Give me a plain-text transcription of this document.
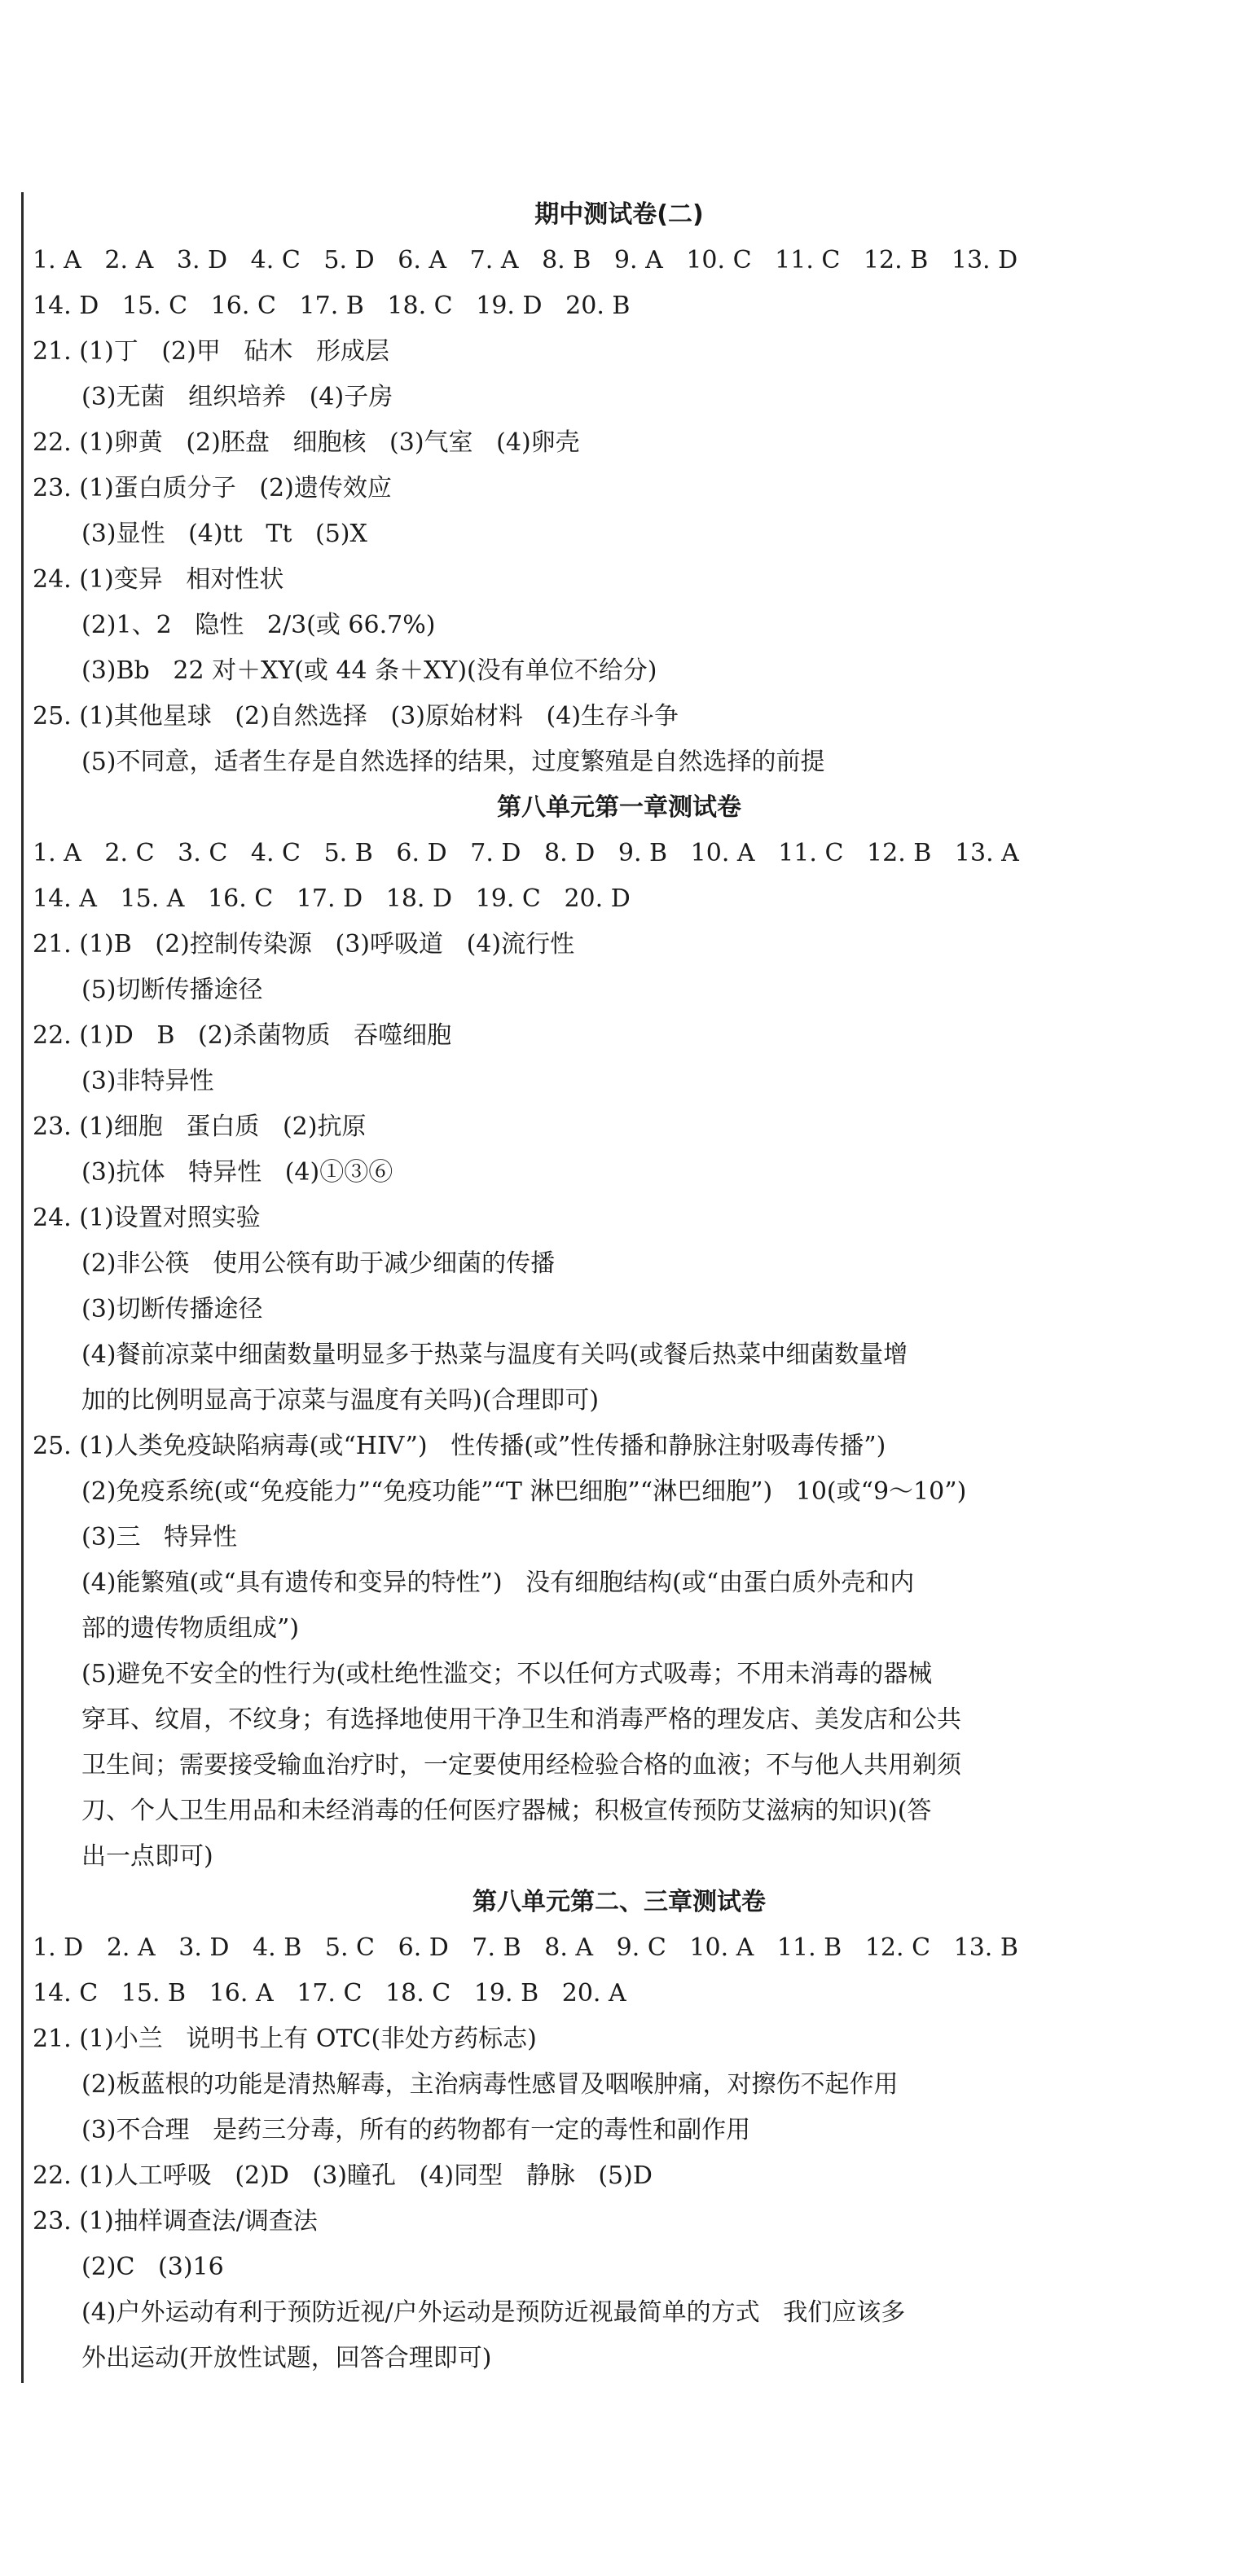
期中测试卷(二)
1. A   2. A   3. D   4. C   5. D   6. A   7. A   8. B   9. A   10. C   11. C   12. B   13. D
14. D   15. C   16. C   17. B   18. C   19. D   20. B
21. (1)丁   (2)甲   砧木   形成层
(3)无菌   组织培养   (4)子房
22. (1)卵黄   (2)胚盘   细胞核   (3)气室   (4)卵壳
23. (1)蛋白质分子   (2)遗传效应
(3)显性   (4)tt   Tt   (5)X
24. (1)变异   相对性状
(2)1、2   隐性   2/3(或 66.7%)
(3)Bb   22 对＋XY(或 44 条＋XY)(没有单位不给分)
25. (1)其他星球   (2)自然选择   (3)原始材料   (4)生存斗争
(5)不同意，适者生存是自然选择的结果，过度繁殖是自然选择的前提
第八单元第一章测试卷
1. A   2. C   3. C   4. C   5. B   6. D   7. D   8. D   9. B   10. A   11. C   12. B   13. A
14. A   15. A   16. C   17. D   18. D   19. C   20. D
21. (1)B   (2)控制传染源   (3)呼吸道   (4)流行性
(5)切断传播途径
22. (1)D   B   (2)杀菌物质   吞噬细胞
(3)非特异性
23. (1)细胞   蛋白质   (2)抗原
(3)抗体   特异性   (4)①③⑥
24. (1)设置对照实验
(2)非公筷   使用公筷有助于减少细菌的传播
(3)切断传播途径
(4)餐前凉菜中细菌数量明显多于热菜与温度有关吗(或餐后热菜中细菌数量增
加的比例明显高于凉菜与温度有关吗)(合理即可)
25. (1)人类免疫缺陷病毒(或“HIV”)   性传播(或”性传播和静脉注射吸毒传播”)
(2)免疫系统(或“免疫能力”“免疫功能”“T 淋巴细胞”“淋巴细胞”)   10(或“9～10”)
(3)三   特异性
(4)能繁殖(或“具有遗传和变异的特性”)   没有细胞结构(或“由蛋白质外壳和内
部的遗传物质组成”)
(5)避免不安全的性行为(或杜绝性滥交；不以任何方式吸毒；不用未消毒的器械
穿耳、纹眉，不纹身；有选择地使用干净卫生和消毒严格的理发店、美发店和公共
卫生间；需要接受输血治疗时，一定要使用经检验合格的血液；不与他人共用剃须
刀、个人卫生用品和未经消毒的任何医疗器械；积极宣传预防艾滋病的知识)(答
出一点即可)
第八单元第二、三章测试卷
1. D   2. A   3. D   4. B   5. C   6. D   7. B   8. A   9. C   10. A   11. B   12. C   13. B
14. C   15. B   16. A   17. C   18. C   19. B   20. A
21. (1)小兰   说明书上有 OTC(非处方药标志)
(2)板蓝根的功能是清热解毒，主治病毒性感冒及咽喉肿痛，对擦伤不起作用
(3)不合理   是药三分毒，所有的药物都有一定的毒性和副作用
22. (1)人工呼吸   (2)D   (3)瞳孔   (4)同型   静脉   (5)D
23. (1)抽样调查法/调查法
(2)C   (3)16
(4)户外运动有利于预防近视/户外运动是预防近视最简单的方式   我们应该多
外出运动(开放性试题，回答合理即可)
